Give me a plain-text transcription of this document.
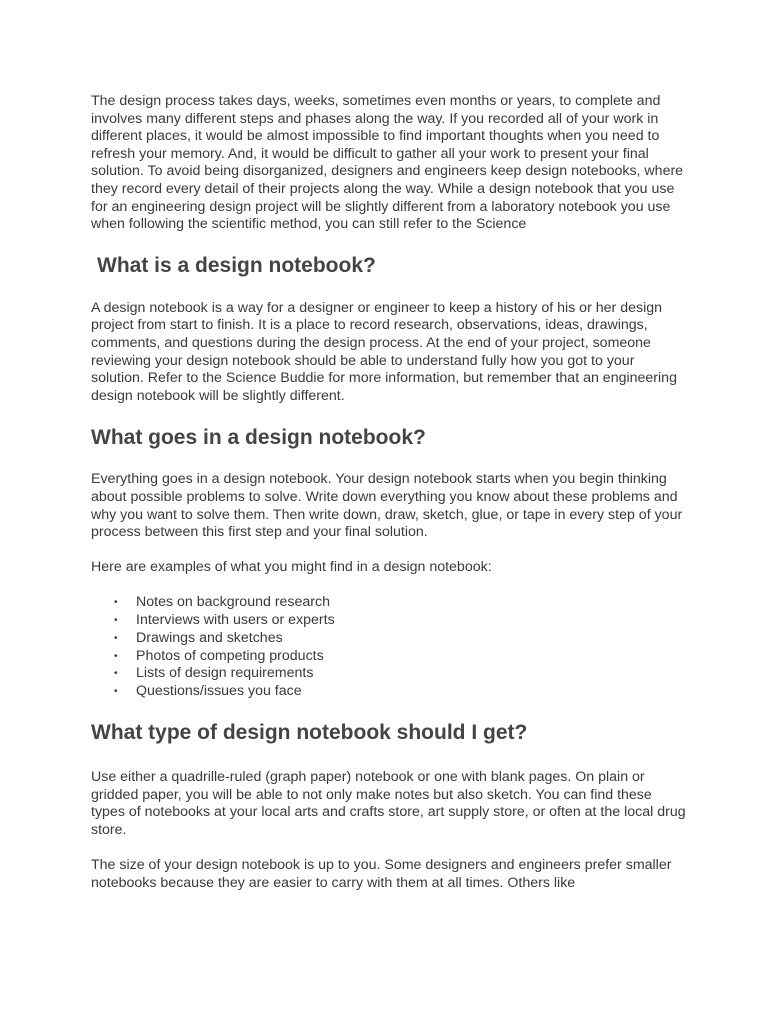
The design process takes days, weeks, sometimes even months or years, to complete and involves many different steps and phases along the way. If you recorded all of your work in different places, it would be almost impossible to find important thoughts when you need to refresh your memory. And, it would be difficult to gather all your work to present your final solution. To avoid being disorganized, designers and engineers keep design notebooks, where they record every detail of their projects along the way. While a design notebook that you use for an engineering design project will be slightly different from a laboratory notebook you use when following the scientific method, you can still refer to the Science

What is a design notebook?

A design notebook is a way for a designer or engineer to keep a history of his or her design project from start to finish. It is a place to record research, observations, ideas, drawings, comments, and questions during the design process. At the end of your project, someone reviewing your design notebook should be able to understand fully how you got to your solution. Refer to the Science Buddie for more information, but remember that an engineering design notebook will be slightly different.

What goes in a design notebook?

Everything goes in a design notebook. Your design notebook starts when you begin thinking about possible problems to solve. Write down everything you know about these problems and why you want to solve them. Then write down, draw, sketch, glue, or tape in every step of your process between this first step and your final solution.

Here are examples of what you might find in a design notebook:

• Notes on background research
• Interviews with users or experts
• Drawings and sketches
• Photos of competing products
• Lists of design requirements
• Questions/issues you face
What type of design notebook should I get?

Use either a quadrille-ruled (graph paper) notebook or one with blank pages. On plain or gridded paper, you will be able to not only make notes but also sketch. You can find these types of notebooks at your local arts and crafts store, art supply store, or often at the local drug store.

The size of your design notebook is up to you. Some designers and engineers prefer smaller notebooks because they are easier to carry with them at all times. Others like
